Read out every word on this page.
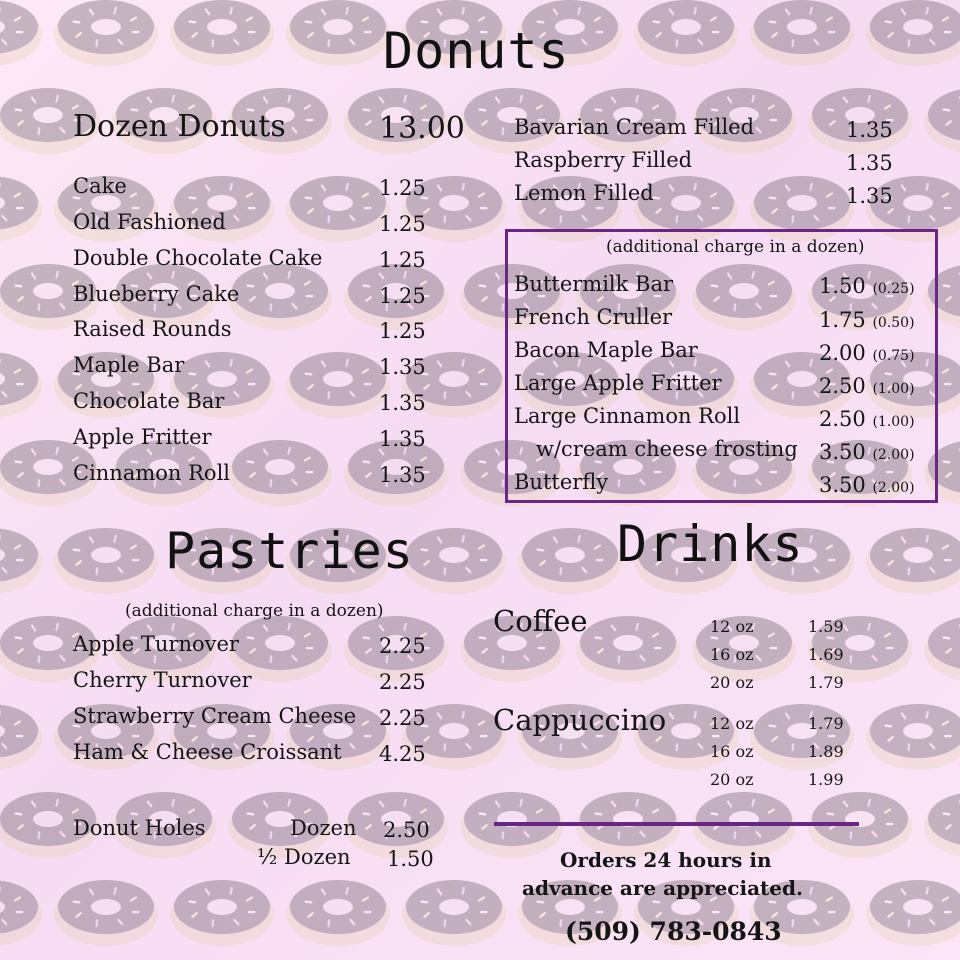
Donuts
Dozen Donuts	13.00
Cake	1.25
Old Fashioned	1.25
Double Chocolate Cake	1.25
Blueberry Cake	1.25
Raised Rounds	1.25
Maple Bar	1.35
Chocolate Bar	1.35
Apple Fritter	1.35
Cinnamon Roll	1.35
Bavarian Cream Filled	1.35
Raspberry Filled	1.35
Lemon Filled	1.35
(additional charge in a dozen)
Buttermilk Bar	1.50 (0.25)
French Cruller	1.75 (0.50)
Bacon Maple Bar	2.00 (0.75)
Large Apple Fritter	2.50 (1.00)
Large Cinnamon Roll	2.50 (1.00)
w/cream cheese frosting 3.50 (2.00)
Butterfly	3.50 (2.00)
Pastries
(additional charge in a dozen)
Apple Turnover	2.25
Cherry Turnover	2.25
Strawberry Cream Cheese 2.25
Ham & Cheese Croissant 4.25
Donut Holes	Dozen 2.50
½ Dozen 1.50
Drinks
Coffee	12 oz	1.59
16 oz	1.69
20 oz	1.79
Cappuccino	12 oz	1.79
16 oz	1.89
20 oz	1.99
Orders 24 hours in
advance are appreciated.
(509) 783-0843
